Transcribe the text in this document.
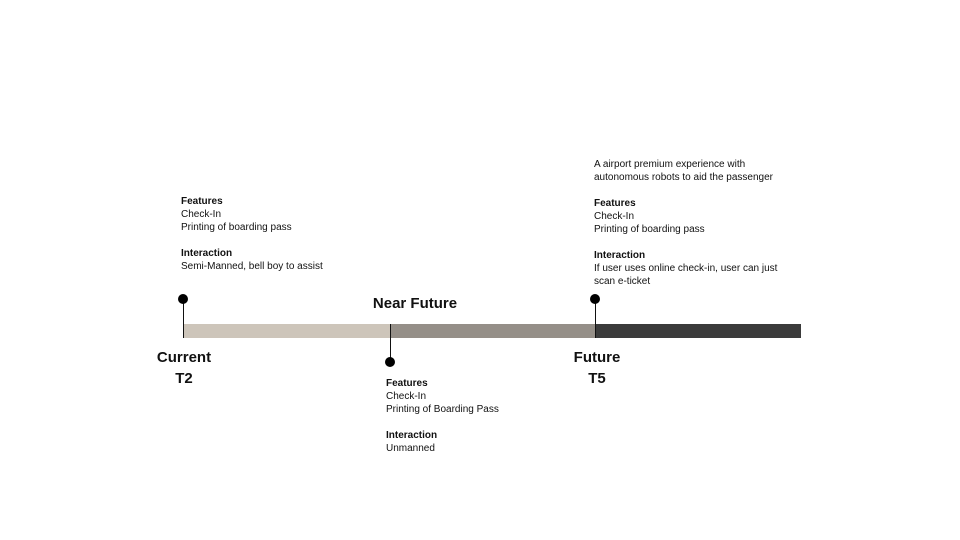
Current
T2
Near Future
Future
T5
Features
Check-In
Printing of boarding pass
Interaction
Semi-Manned, bell boy to assist
Features
Check-In
Printing of Boarding Pass
Interaction
Unmanned
A airport premium experience with
autonomous robots to aid the passenger
Features
Check-In
Printing of boarding pass
Interaction
If user uses online check-in, user can just
scan e-ticket
